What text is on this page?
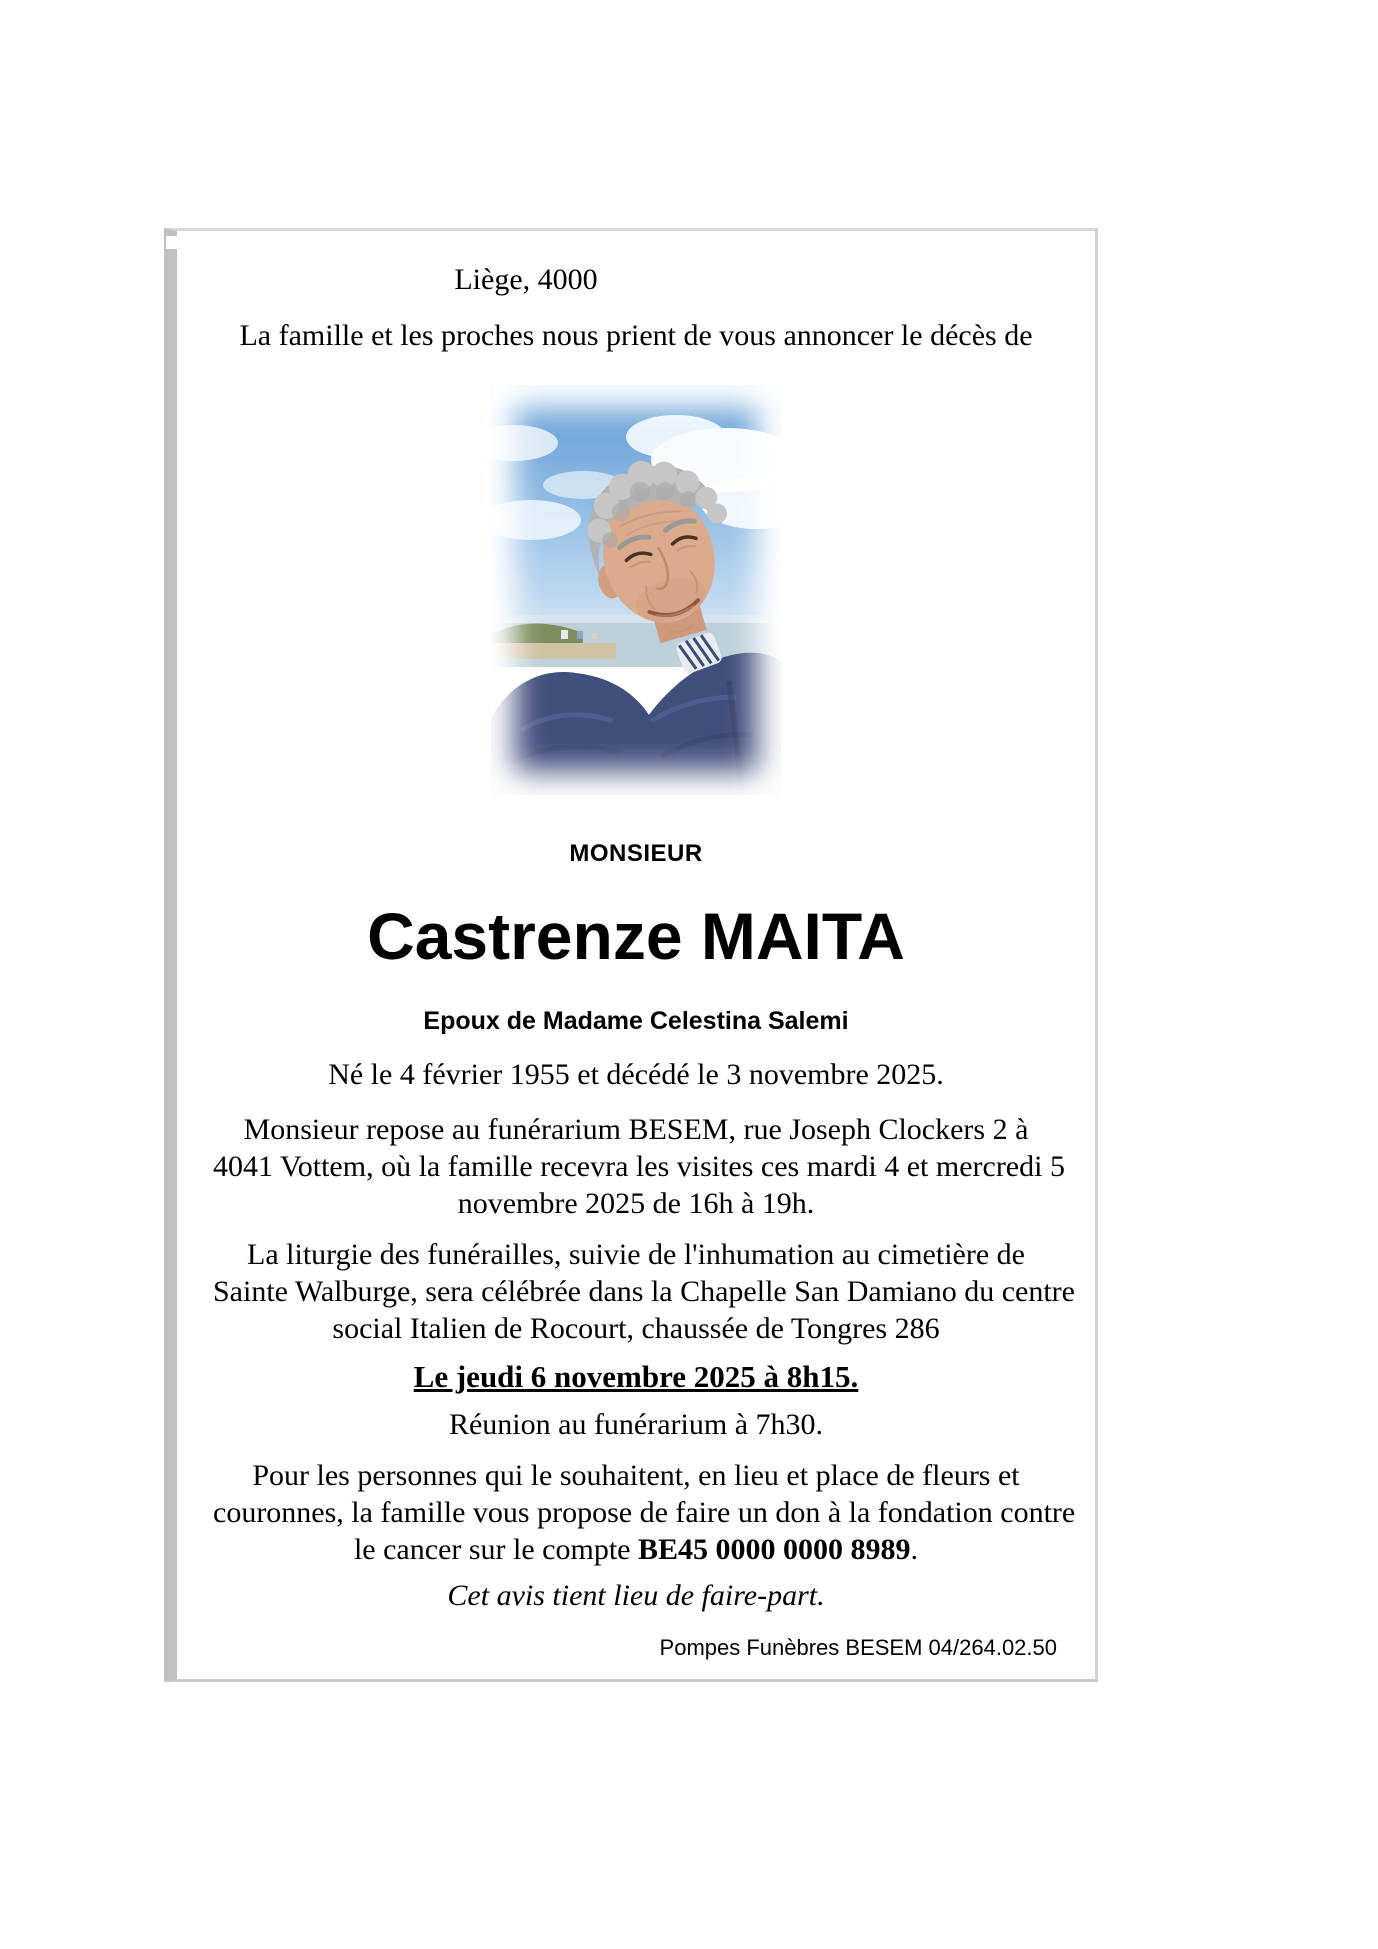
Liège, 4000
La famille et les proches nous prient de vous annoncer le décès de
MONSIEUR
Castrenze MAITA
Epoux de Madame Celestina Salemi
Né le 4 février 1955 et décédé le 3 novembre 2025.
Monsieur repose au funérarium BESEM, rue Joseph Clockers 2 à
4041 Vottem, où la famille recevra les visites ces mardi 4 et mercredi 5
novembre 2025 de 16h à 19h.
La liturgie des funérailles, suivie de l'inhumation au cimetière de
Sainte Walburge, sera célébrée dans la Chapelle San Damiano du centre
social Italien de Rocourt, chaussée de Tongres 286
Le jeudi 6 novembre 2025 à 8h15.
Réunion au funérarium à 7h30.
Pour les personnes qui le souhaitent, en lieu et place de fleurs et
couronnes, la famille vous propose de faire un don à la fondation contre
le cancer sur le compte BE45 0000 0000 8989.
Cet avis tient lieu de faire-part.
Pompes Funèbres BESEM 04/264.02.50
